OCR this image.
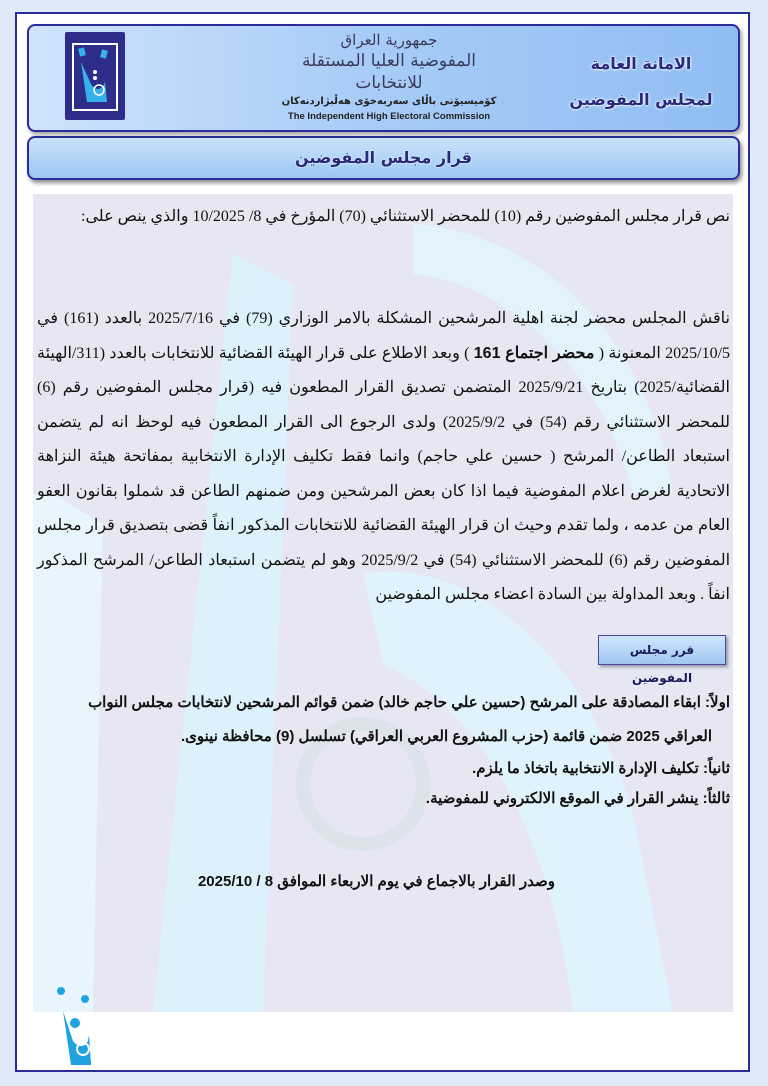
جمهورية العراق
المفوضية العليا المستقلة للانتخابات
كۆمیسیۆنی باڵای سەربەخۆی هەڵبژاردنەکان
The Independent High Electoral Commission
الامانة العامة
لمجلس المفوضين
قرار مجلس المفوضين
نص قرار مجلس المفوضين رقم (10) للمحضر الاستثنائي (70) المؤرخ في 8/ 10/2025 والذي ينص على:
ناقش المجلس محضر لجنة اهلية المرشحين المشكلة بالامر الوزاري (79) في 2025/7/16 بالعدد (161) في 2025/10/5 المعنونة ( محضر اجتماع 161 ) وبعد الاطلاع على قرار الهيئة القضائية للانتخابات بالعدد (311/الهيئة القضائية/2025) بتاريخ 2025/9/21 المتضمن تصديق القرار المطعون فيه (قرار مجلس المفوضين رقم (6) للمحضر الاستثنائي رقم (54) في 2025/9/2) ولدى الرجوع الى القرار المطعون فيه لوحظ انه لم يتضمن استبعاد الطاعن/ المرشح ( حسين علي حاجم) وانما فقط تكليف الإدارة الانتخابية بمفاتحة هيئة النزاهة الاتحادية لغرض اعلام المفوضية فيما اذا كان بعض المرشحين ومن ضمنهم الطاعن قد شملوا بقانون العفو العام من عدمه ، ولما تقدم وحيث ان قرار الهيئة القضائية للانتخابات المذكور انفاً قضى بتصديق قرار مجلس المفوضين رقم (6) للمحضر الاستثنائي (54) في 2025/9/2 وهو لم يتضمن استبعاد الطاعن/ المرشح المذكور انفاً . وبعد المداولة بين السادة اعضاء مجلس المفوضين
قرر مجلس المفوضين
اولاً: ابقاء المصادقة على المرشح (حسين علي حاجم خالد) ضمن قوائم المرشحين لانتخابات مجلس النواب
العراقي 2025 ضمن قائمة (حزب المشروع العربي العراقي) تسلسل (9) محافظة نينوى.
ثانياً: تكليف الإدارة الانتخابية باتخاذ ما يلزم.
ثالثاً: ينشر القرار في الموقع الالكتروني للمفوضية.
وصدر القرار بالاجماع في يوم الاربعاء الموافق 8 / 2025/10
